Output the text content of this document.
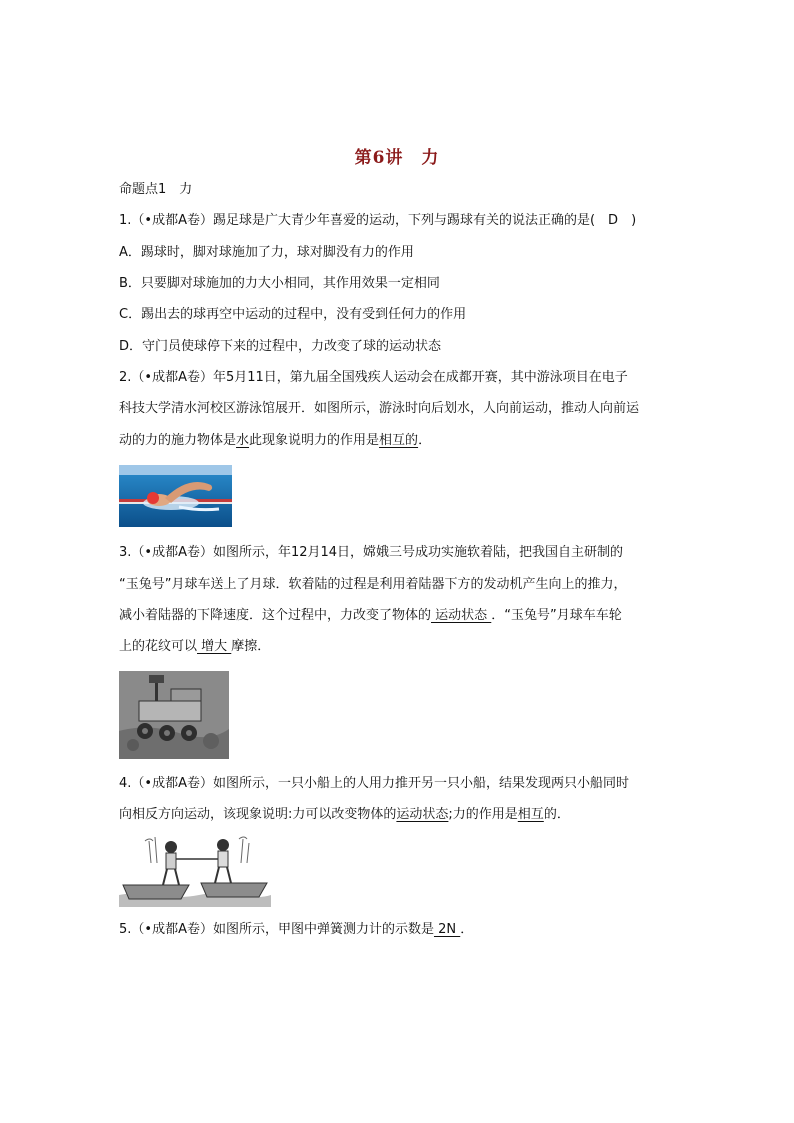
第6讲　力
命题点1　力
1.（•成都A卷）踢足球是广大青少年喜爱的运动，下列与踢球有关的说法正确的是(　D　)
A．踢球时，脚对球施加了力，球对脚没有力的作用
B．只要脚对球施加的力大小相同，其作用效果一定相同
C．踢出去的球再空中运动的过程中，没有受到任何力的作用
D．守门员使球停下来的过程中，力改变了球的运动状态
2.（•成都A卷）年5月11日，第九届全国残疾人运动会在成都开赛，其中游泳项目在电子
科技大学清水河校区游泳馆展开．如图所示，游泳时向后划水，人向前运动，推动人向前运
动的力的施力物体是水此现象说明力的作用是相互的．
3.（•成都A卷）如图所示，年12月14日，嫦娥三号成功实施软着陆，把我国自主研制的
“玉兔号”月球车送上了月球．软着陆的过程是利用着陆器下方的发动机产生向上的推力，
减小着陆器的下降速度．这个过程中，力改变了物体的 运动状态 ．“玉兔号”月球车车轮
上的花纹可以 增大 摩擦．
4.（•成都A卷）如图所示，一只小船上的人用力推开另一只小船，结果发现两只小船同时
向相反方向运动，该现象说明:力可以改变物体的运动状态;力的作用是相互的．
5.（•成都A卷）如图所示，甲图中弹簧测力计的示数是 2N ．
